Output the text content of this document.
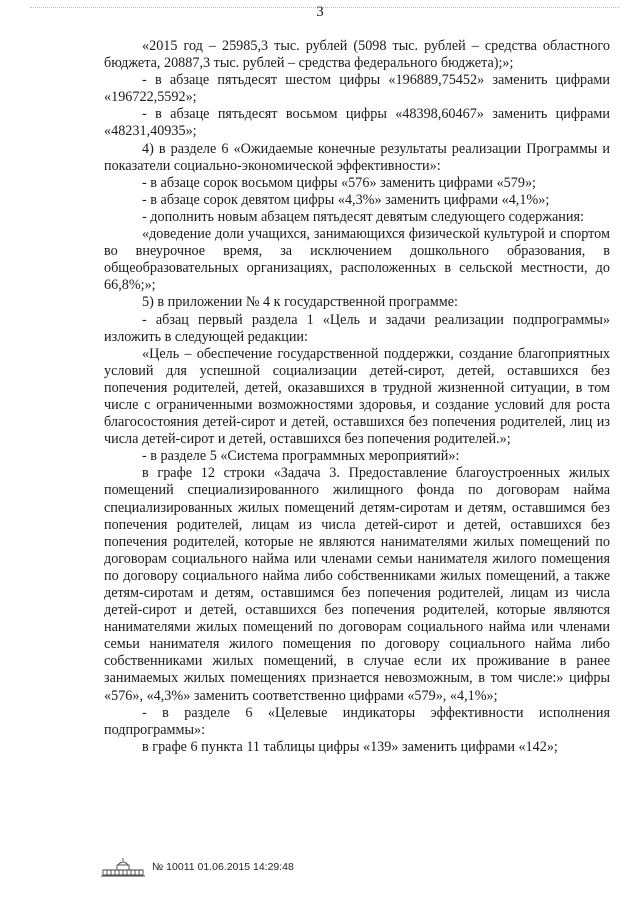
3

«2015 год – 25985,3 тыс. рублей (5098 тыс. рублей – средства областного бюджета, 20887,3 тыс. рублей – средства федерального бюджета);»;

- в абзаце пятьдесят шестом цифры «196889,75452» заменить цифрами «196722,5592»;

- в абзаце пятьдесят восьмом цифры «48398,60467» заменить цифрами «48231,40935»;

4) в разделе 6 «Ожидаемые конечные результаты реализации Программы и показатели социально-экономической эффективности»:

- в абзаце сорок восьмом цифры «576» заменить цифрами «579»;

- в абзаце сорок девятом цифры «4,3%» заменить цифрами «4,1%»;

- дополнить новым абзацем пятьдесят девятым следующего содержания:

«доведение доли учащихся, занимающихся физической культурой и спортом во внеурочное время, за исключением дошкольного образования, в общеобразовательных организациях, расположенных в сельской местности, до 66,8%;»;

5) в приложении № 4 к государственной программе:

- абзац первый раздела 1 «Цель и задачи реализации подпрограммы» изложить в следующей редакции:

«Цель – обеспечение государственной поддержки, создание благоприятных условий для успешной социализации детей-сирот, детей, оставшихся без попечения родителей, детей, оказавшихся в трудной жизненной ситуации, в том числе с ограниченными возможностями здоровья, и создание условий для роста благосостояния детей-сирот и детей, оставшихся без попечения родителей, лиц из числа детей-сирот и детей, оставшихся без попечения родителей.»;

- в разделе 5 «Система программных мероприятий»:

в графе 12 строки «Задача 3. Предоставление благоустроенных жилых помещений специализированного жилищного фонда по договорам найма специализированных жилых помещений детям-сиротам и детям, оставшимся без попечения родителей, лицам из числа детей-сирот и детей, оставшихся без попечения родителей, которые не являются нанимателями жилых помещений по договорам социального найма или членами семьи нанимателя жилого помещения по договору социального найма либо собственниками жилых помещений, а также детям-сиротам и детям, оставшимся без попечения родителей, лицам из числа детей-сирот и детей, оставшихся без попечения родителей, которые являются нанимателями жилых помещений по договорам социального найма или членами семьи нанимателя жилого помещения по договору социального найма либо собственниками жилых помещений, в случае если их проживание в ранее занимаемых жилых помещениях признается невозможным, в том числе:» цифры «576», «4,3%» заменить соответственно цифрами «579», «4,1%»;

- в разделе 6 «Целевые индикаторы эффективности исполнения подпрограммы»:

в графе 6 пункта 11 таблицы цифры «139» заменить цифрами «142»;

№ 10011 01.06.2015 14:29:48
